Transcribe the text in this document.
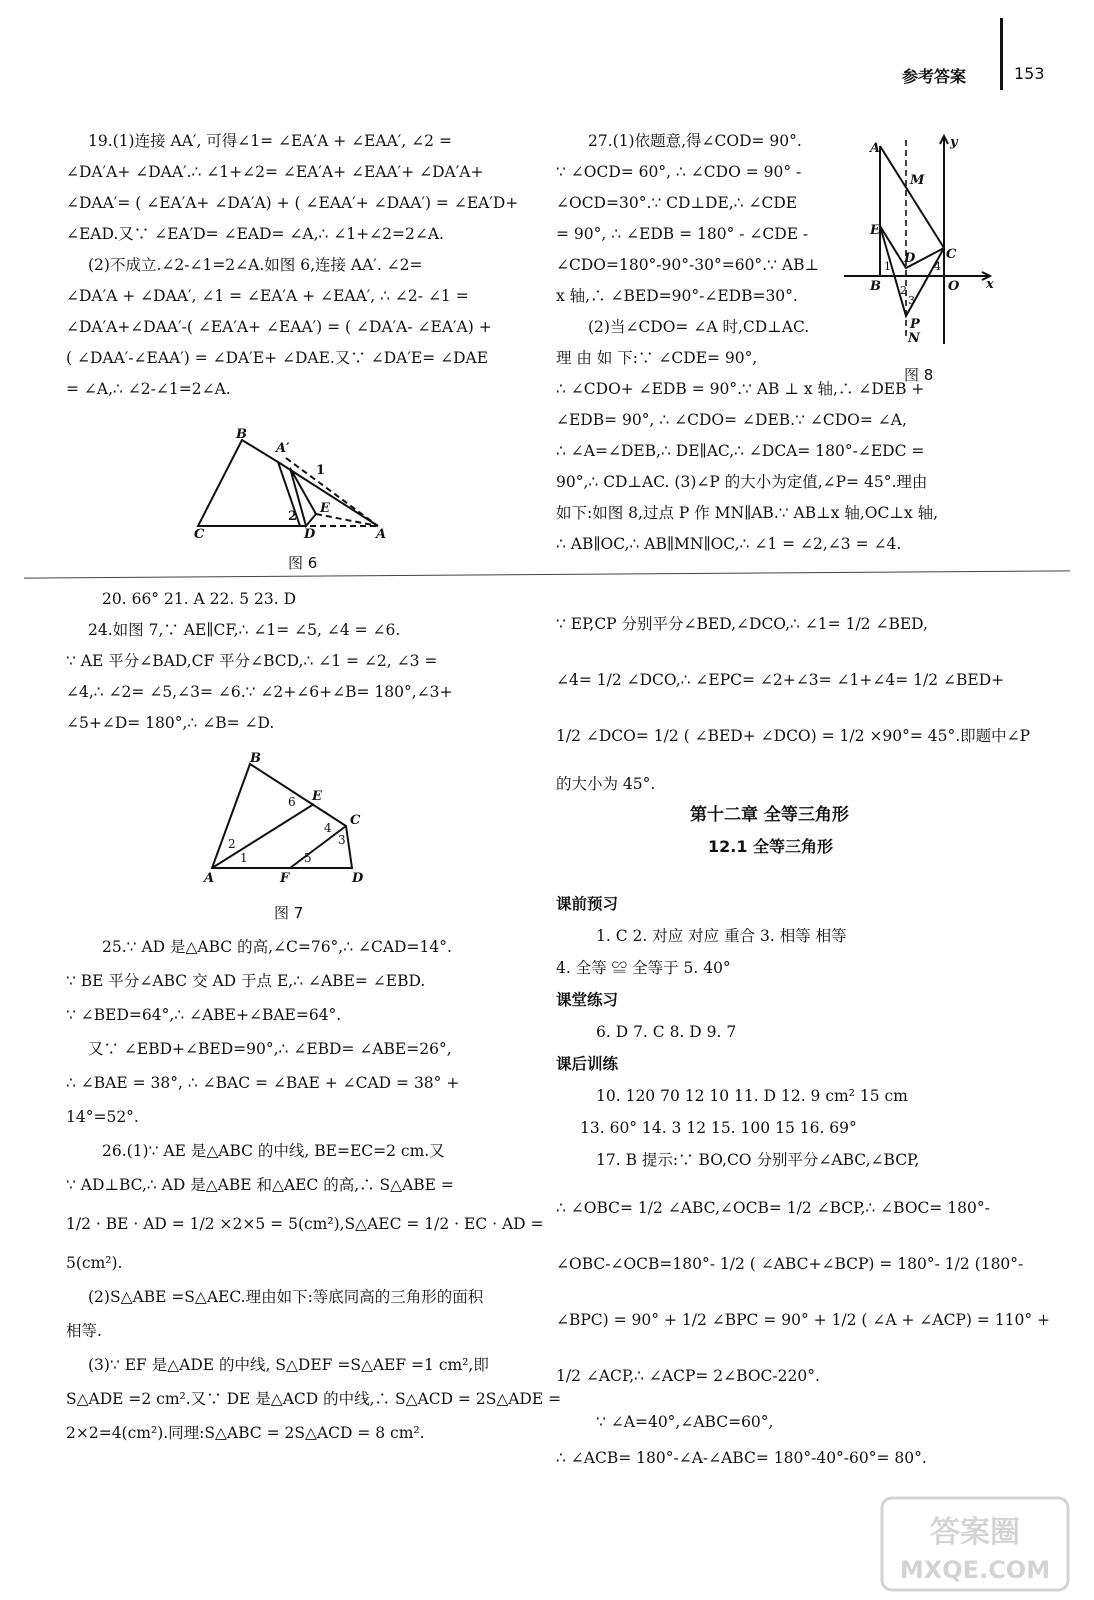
参考答案	153

19.(1)连接 AA′, 可得∠1= ∠EA′A + ∠EAA′, ∠2 =

∠DA′A+ ∠DAA′.∴ ∠1+∠2= ∠EA′A+ ∠EAA′+ ∠DA′A+

∠DAA′= ( ∠EA′A+ ∠DA′A) + ( ∠EAA′+ ∠DAA′) = ∠EA′D+

∠EAD.又∵ ∠EA′D= ∠EAD= ∠A,∴ ∠1+∠2=2∠A.

(2)不成立.∠2-∠1=2∠A.如图 6,连接 AA′. ∠2=

∠DA′A + ∠DAA′, ∠1 = ∠EA′A + ∠EAA′, ∴ ∠2- ∠1 =

∠DA′A+∠DAA′-( ∠EA′A+ ∠EAA′) = ( ∠DA′A- ∠EA′A) +

( ∠DAA′-∠EAA′) = ∠DA′E+ ∠DAE.又∵ ∠DA′E= ∠DAE

= ∠A,∴ ∠2-∠1=2∠A.

B
A′
C	D	A
E
2
1
图 6

20. 66° 21. A 22. 5 23. D

24.如图 7,∵ AE∥CF,∴ ∠1= ∠5, ∠4 = ∠6.

∵ AE 平分∠BAD,CF 平分∠BCD,∴ ∠1 = ∠2, ∠3 =

∠4,∴ ∠2= ∠5,∠3= ∠6.∵ ∠2+∠6+∠B= 180°,∠3+

∠5+∠D= 180°,∴ ∠B= ∠D.

B
A	F	D
C
E
2
1	5
6
4
3
图 7

25.∵ AD 是△ABC 的高,∠C=76°,∴ ∠CAD=14°.

∵ BE 平分∠ABC 交 AD 于点 E,∴ ∠ABE= ∠EBD.

∵ ∠BED=64°,∴ ∠ABE+∠BAE=64°.

又∵ ∠EBD+∠BED=90°,∴ ∠EBD= ∠ABE=26°,

∴ ∠BAE = 38°, ∴ ∠BAC = ∠BAE + ∠CAD = 38° +

14°=52°.

26.(1)∵ AE 是△ABC 的中线, BE=EC=2 cm.又

∵ AD⊥BC,∴ AD 是△ABE 和△AEC 的高,∴ S△ABE =

1/2 · BE · AD = 1/2 ×2×5 = 5(cm²),S△AEC = 1/2 · EC · AD =

5(cm²).

(2)S△ABE =S△AEC.理由如下:等底同高的三角形的面积

相等.

(3)∵ EF 是△ADE 的中线, S△DEF =S△AEF =1 cm²,即

S△ADE =2 cm².又∵ DE 是△ACD 的中线,∴ S△ACD = 2S△ADE =

2×2=4(cm²).同理:S△ABC = 2S△ACD = 8 cm².

27.(1)依题意,得∠COD= 90°.

∵ ∠OCD= 60°, ∴ ∠CDO = 90° -

∠OCD=30°.∵ CD⊥DE,∴ ∠CDE

= 90°, ∴ ∠EDB = 180° - ∠CDE -

∠CDO=180°-90°-30°=60°.∵ AB⊥

x 轴,∴ ∠BED=90°-∠EDB=30°.

(2)当∠CDO= ∠A 时,CD⊥AC.

理 由 如 下:∵ ∠CDE= 90°,

∴ ∠CDO+ ∠EDB = 90°.∵ AB ⊥ x 轴,∴ ∠DEB +

∠EDB= 90°, ∴ ∠CDO= ∠DEB.∵ ∠CDO= ∠A,

∴ ∠A=∠DEB,∴ DE∥AC,∴ ∠DCA= 180°-∠EDC =

90°,∴ CD⊥AC. (3)∠P 的大小为定值,∠P= 45°.理由

如下:如图 8,过点 P 作 MN∥AB.∵ AB⊥x 轴,OC⊥x 轴,

∴ AB∥OC,∴ AB∥MN∥OC,∴ ∠1 = ∠2,∠3 = ∠4.

∵ EP,CP 分别平分∠BED,∠DCO,∴ ∠1= 1/2 ∠BED,

∠4= 1/2 ∠DCO,∴ ∠EPC= ∠2+∠3= ∠1+∠4= 1/2 ∠BED+

1/2 ∠DCO= 1/2 ( ∠BED+ ∠DCO) = 1/2 ×90°= 45°.即题中∠P

的大小为 45°.

A
E
B
M
D C
O x
y
P
N
1
2
3
4
图 8
第十二章 全等三角形
12.1 全等三角形

课前预习

1. C 2. 对应 对应 重合 3. 相等 相等

4. 全等 ≌ 全等于 5. 40°

课堂练习

6. D 7. C 8. D 9. 7

课后训练

10. 120 70 12 10 11. D 12. 9 cm² 15 cm

13. 60° 14. 3 12 15. 100 15 16. 69°

17. B 提示:∵ BO,CO 分别平分∠ABC,∠BCP,

∴ ∠OBC= 1/2 ∠ABC,∠OCB= 1/2 ∠BCP,∴ ∠BOC= 180°-

∠OBC-∠OCB=180°- 1/2 ( ∠ABC+∠BCP) = 180°- 1/2 (180°-

∠BPC) = 90° + 1/2 ∠BPC = 90° + 1/2 ( ∠A + ∠ACP) = 110° +

1/2 ∠ACP,∴ ∠ACP= 2∠BOC-220°.

∵ ∠A=40°,∠ABC=60°,

∴ ∠ACB= 180°-∠A-∠ABC= 180°-40°-60°= 80°.

答案圈
MXQE.COM
